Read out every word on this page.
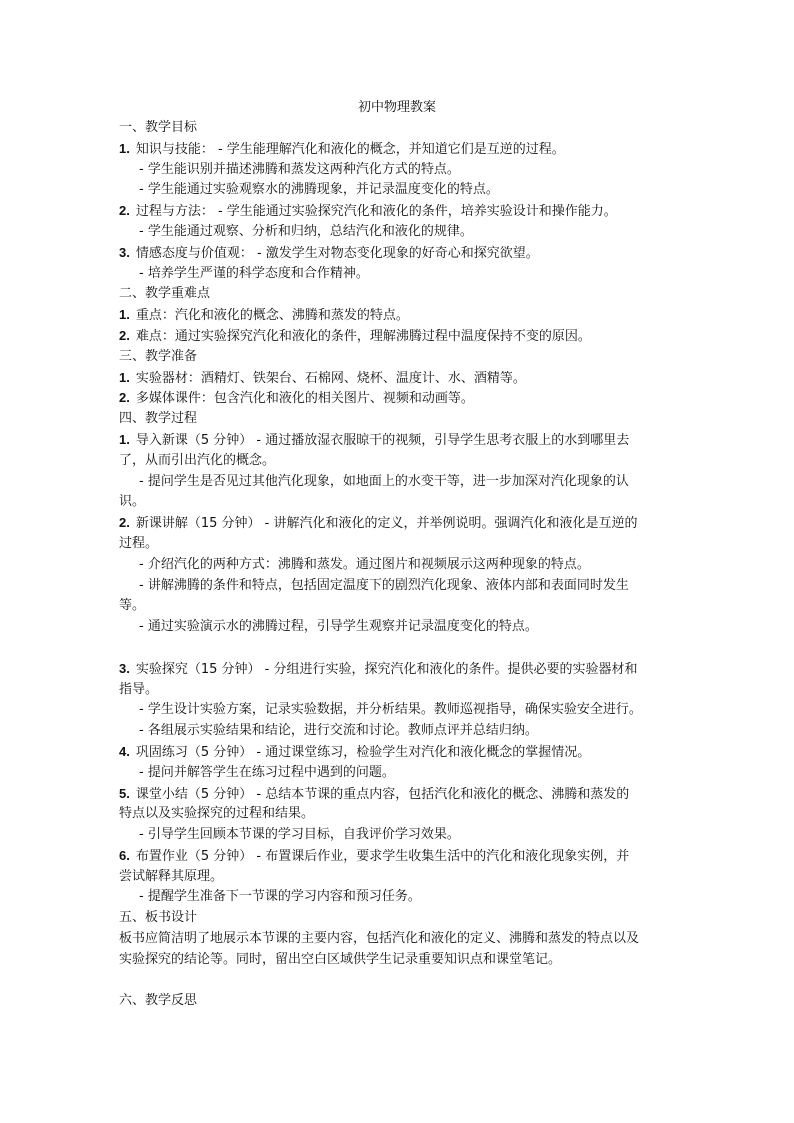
初中物理教案
一、教学目标
1. 知识与技能： - 学生能理解汽化和液化的概念，并知道它们是互逆的过程。
- 学生能识别并描述沸腾和蒸发这两种汽化方式的特点。
- 学生能通过实验观察水的沸腾现象，并记录温度变化的特点。
2. 过程与方法： - 学生能通过实验探究汽化和液化的条件，培养实验设计和操作能力。
- 学生能通过观察、分析和归纳，总结汽化和液化的规律。
3. 情感态度与价值观： - 激发学生对物态变化现象的好奇心和探究欲望。
- 培养学生严谨的科学态度和合作精神。
二、教学重难点
1. 重点：汽化和液化的概念、沸腾和蒸发的特点。
2. 难点：通过实验探究汽化和液化的条件，理解沸腾过程中温度保持不变的原因。
三、教学准备
1. 实验器材：酒精灯、铁架台、石棉网、烧杯、温度计、水、酒精等。
2. 多媒体课件：包含汽化和液化的相关图片、视频和动画等。
四、教学过程
1. 导入新课（5 分钟） - 通过播放湿衣服晾干的视频，引导学生思考衣服上的水到哪里去
了，从而引出汽化的概念。
- 提问学生是否见过其他汽化现象，如地面上的水变干等，进一步加深对汽化现象的认
识。
2. 新课讲解（15 分钟） - 讲解汽化和液化的定义，并举例说明。强调汽化和液化是互逆的
过程。
- 介绍汽化的两种方式：沸腾和蒸发。通过图片和视频展示这两种现象的特点。
- 讲解沸腾的条件和特点，包括固定温度下的剧烈汽化现象、液体内部和表面同时发生
等。
- 通过实验演示水的沸腾过程，引导学生观察并记录温度变化的特点。
3. 实验探究（15 分钟） - 分组进行实验，探究汽化和液化的条件。提供必要的实验器材和
指导。
- 学生设计实验方案，记录实验数据，并分析结果。教师巡视指导，确保实验安全进行。
- 各组展示实验结果和结论，进行交流和讨论。教师点评并总结归纳。
4. 巩固练习（5 分钟） - 通过课堂练习，检验学生对汽化和液化概念的掌握情况。
- 提问并解答学生在练习过程中遇到的问题。
5. 课堂小结（5 分钟） - 总结本节课的重点内容，包括汽化和液化的概念、沸腾和蒸发的
特点以及实验探究的过程和结果。
- 引导学生回顾本节课的学习目标，自我评价学习效果。
6. 布置作业（5 分钟） - 布置课后作业，要求学生收集生活中的汽化和液化现象实例，并
尝试解释其原理。
- 提醒学生准备下一节课的学习内容和预习任务。
五、板书设计
板书应简洁明了地展示本节课的主要内容，包括汽化和液化的定义、沸腾和蒸发的特点以及
实验探究的结论等。同时，留出空白区域供学生记录重要知识点和课堂笔记。
六、教学反思
